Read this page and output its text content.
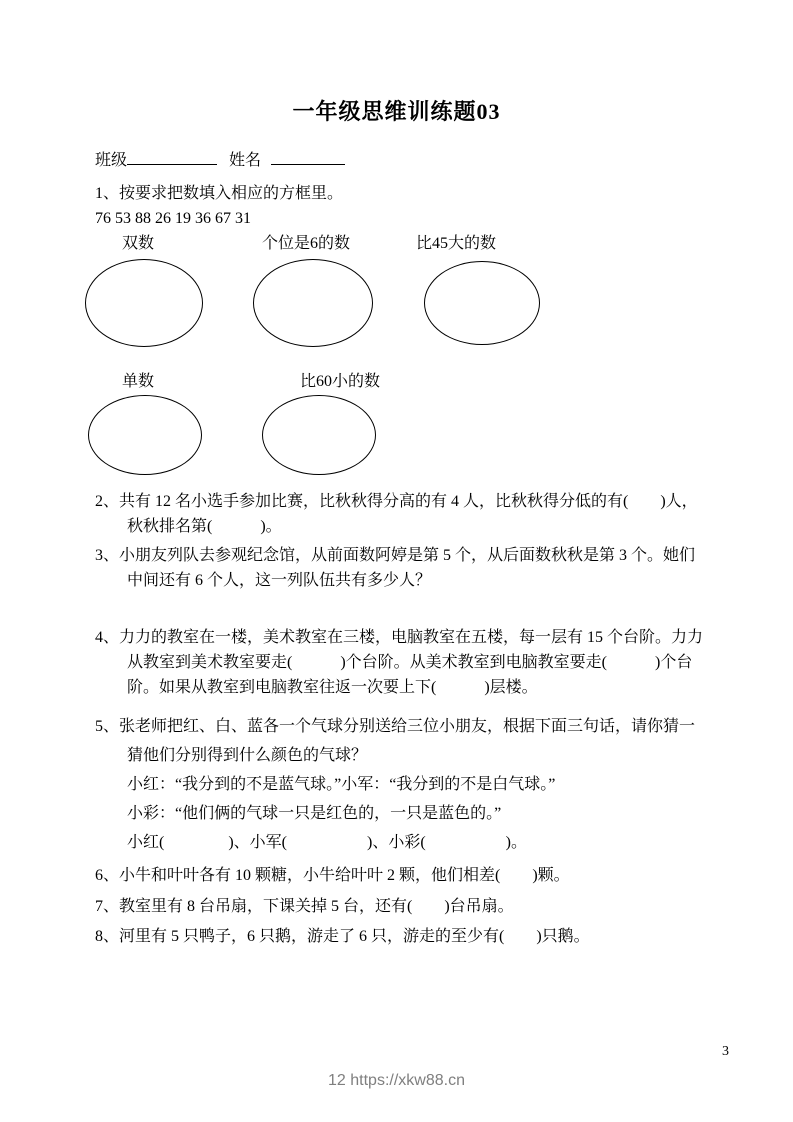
一年级思维训练题03
班级	姓名
1、按要求把数填入相应的方框里。
76 53 88 26 19 36 67 31
双数	个位是6的数	比45大的数
单数	比60小的数
2、共有 12 名小选手参加比赛，比秋秋得分高的有 4 人，比秋秋得分低的有(　　)人，
秋秋排名第(　　　)。
3、小朋友列队去参观纪念馆，从前面数阿婷是第 5 个，从后面数秋秋是第 3 个。她们
中间还有 6 个人，这一列队伍共有多少人？
4、力力的教室在一楼，美术教室在三楼，电脑教室在五楼，每一层有 15 个台阶。力力
从教室到美术教室要走(　　　)个台阶。从美术教室到电脑教室要走(　　　)个台
阶。如果从教室到电脑教室往返一次要上下(　　　)层楼。
5、张老师把红、白、蓝各一个气球分别送给三位小朋友，根据下面三句话，请你猜一
猜他们分别得到什么颜色的气球？
小红：“我分到的不是蓝气球。”小军：“我分到的不是白气球。”
小彩：“他们俩的气球一只是红色的，一只是蓝色的。”
小红(　　　　)、小军(　　　　　)、小彩(　　　　　)。
6、小牛和叶叶各有 10 颗糖，小牛给叶叶 2 颗，他们相差(　　)颗。
7、教室里有 8 台吊扇，下课关掉 5 台，还有(　　)台吊扇。
8、河里有 5 只鸭子，6 只鹅，游走了 6 只，游走的至少有(　　)只鹅。
3
12 https://xkw88.cn
